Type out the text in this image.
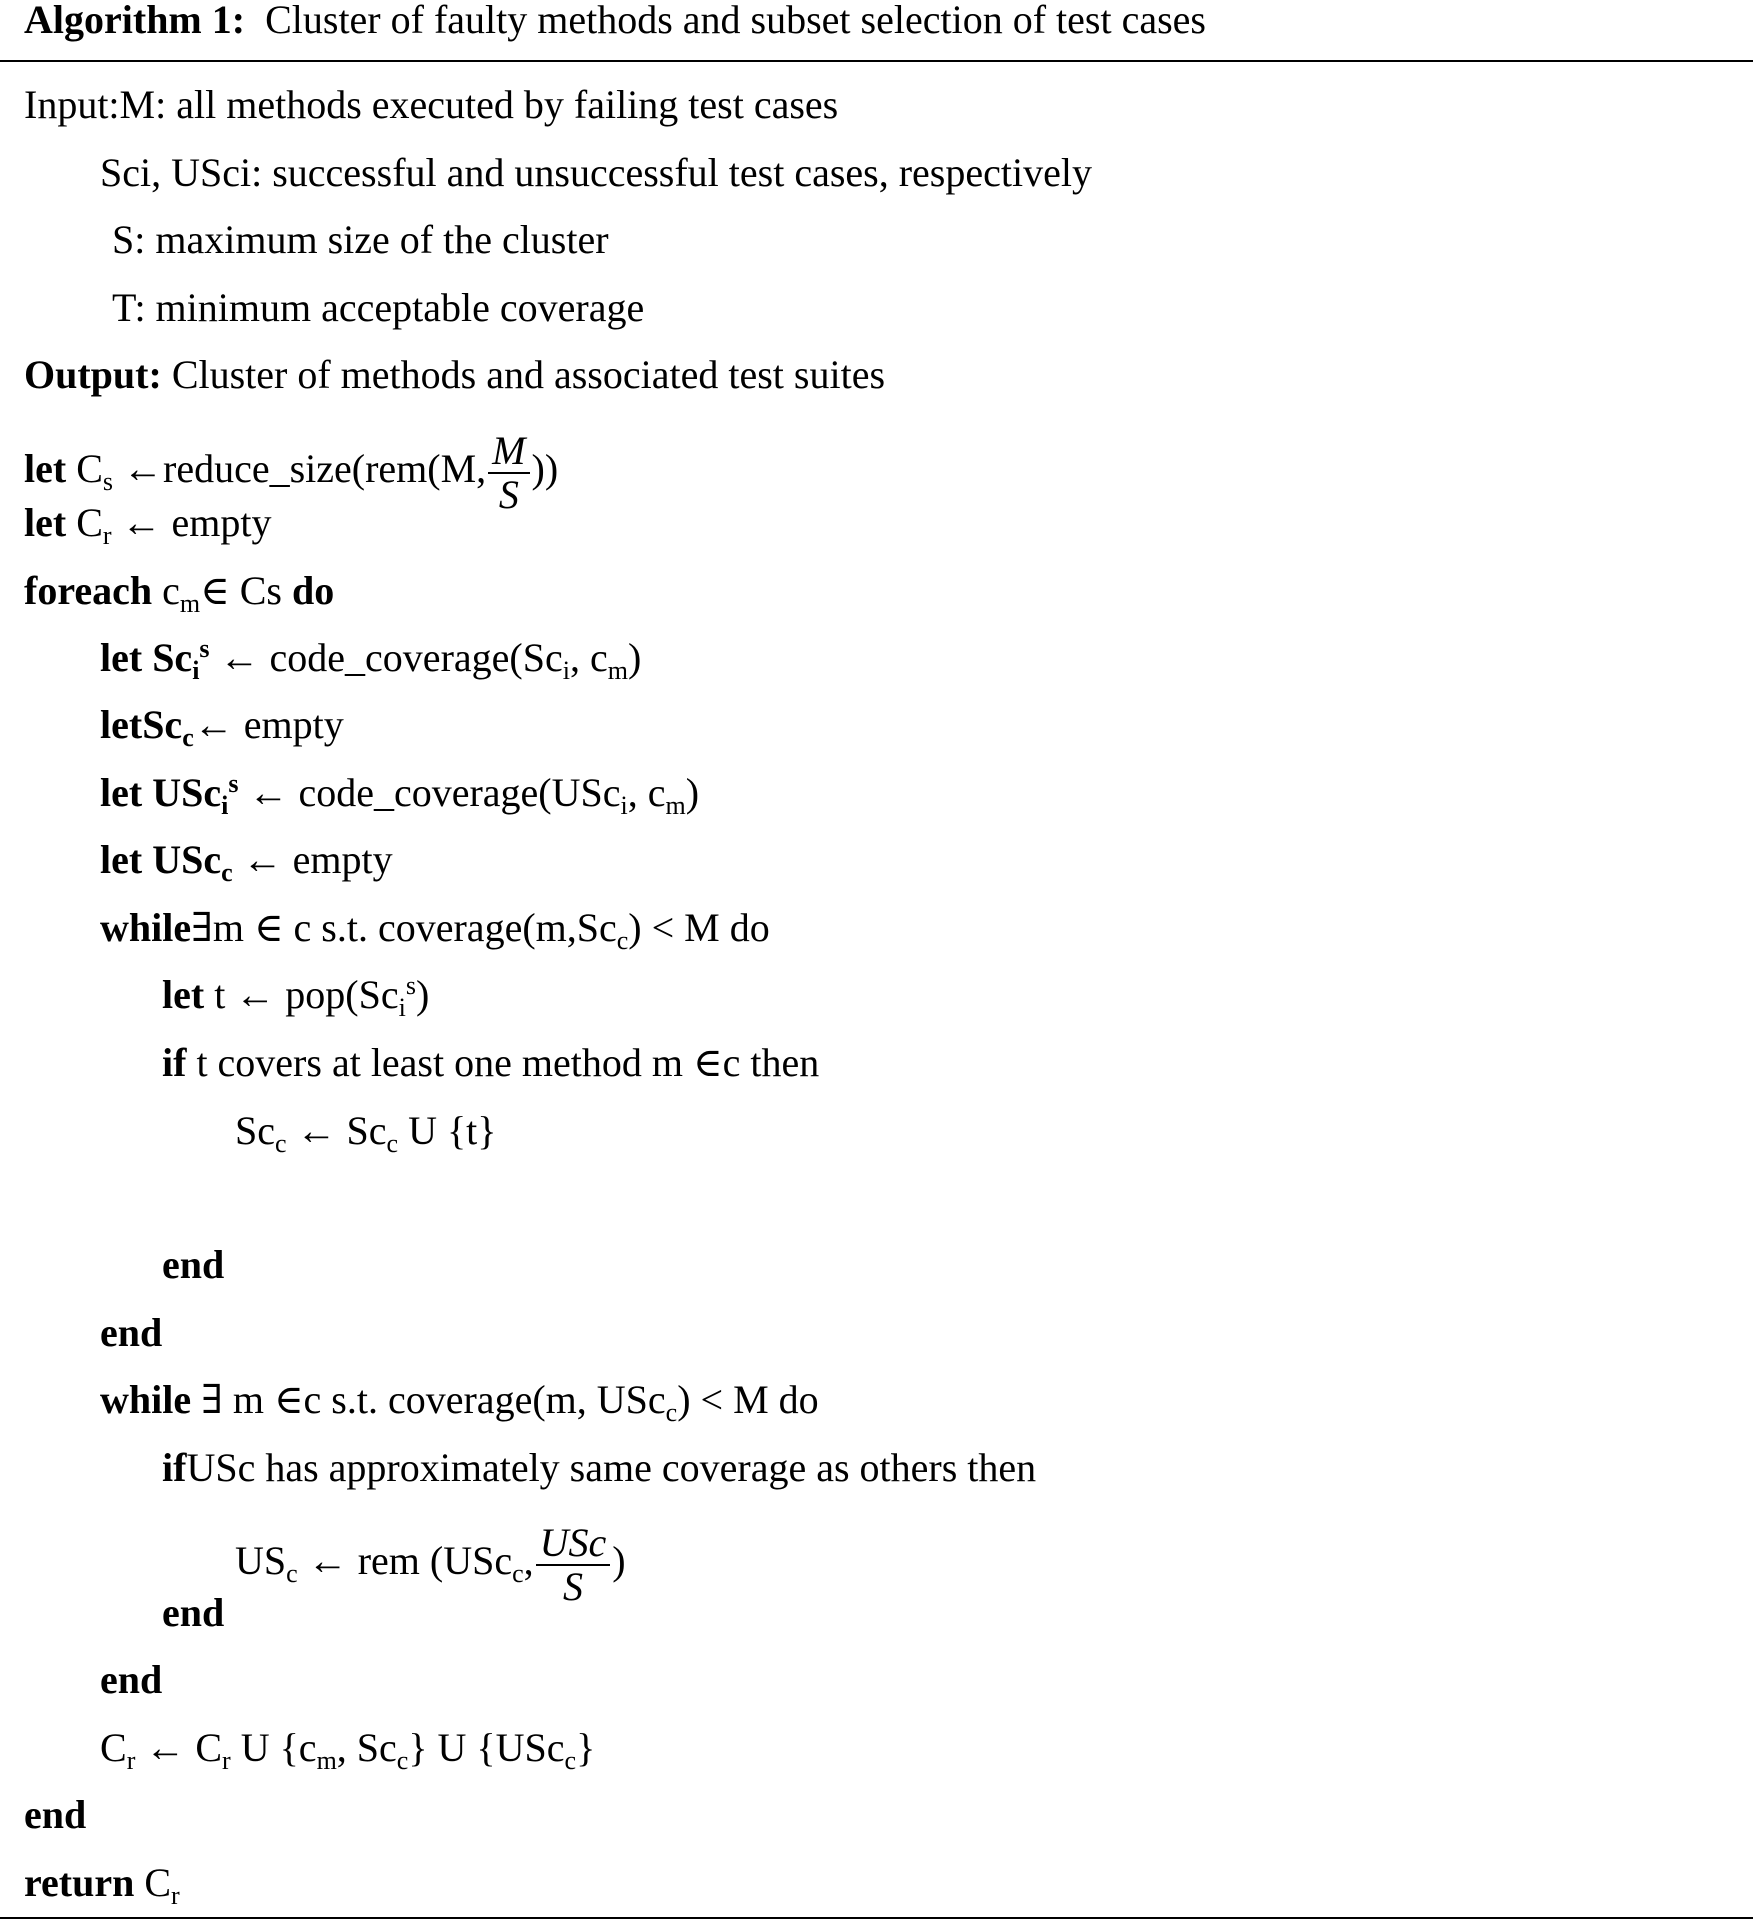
Algorithm 1: Cluster of faulty methods and subset selection of test cases
Input:M: all methods executed by failing test cases
Sci, USci: successful and unsuccessful test cases, respectively
S: maximum size of the cluster
T: minimum acceptable coverage
Output: Cluster of methods and associated test suites
let $C_s$ ←reduce_size(rem(M, $\frac{M}{S}$ ))
let $C_r$ ← empty
foreach $c_m\in$ Cs do
let $Sc_i^s$ ← $code\_coverage(Sc_i$, $c_m$)
letSc$_c$← empty
let USc$_i^s$ ← code_coverage(USc$_i$, $c_m$)
let USc$_c$ ← empty
while∃m ∈ c s.t. $coverage(m,Sc_c) < M$ do
let t ← $pop(Sc_i^s)$
if t covers at least one method m ∈c then
$Sc_c$ ← $Sc_c$ U {t}
end
end
while ∃ m ∈c s.t. coverage(m, USc$_c$) < M do
ifUSc has approximately same coverage as others then
$US_c$ ← rem (USc$_c$, $\frac{\text{USc}}{S}$ )
end
end
$C_r$ ← $C_r$ U {$c_m$, $Sc_c$} U {USc$_c$}
end
return $C_r$
